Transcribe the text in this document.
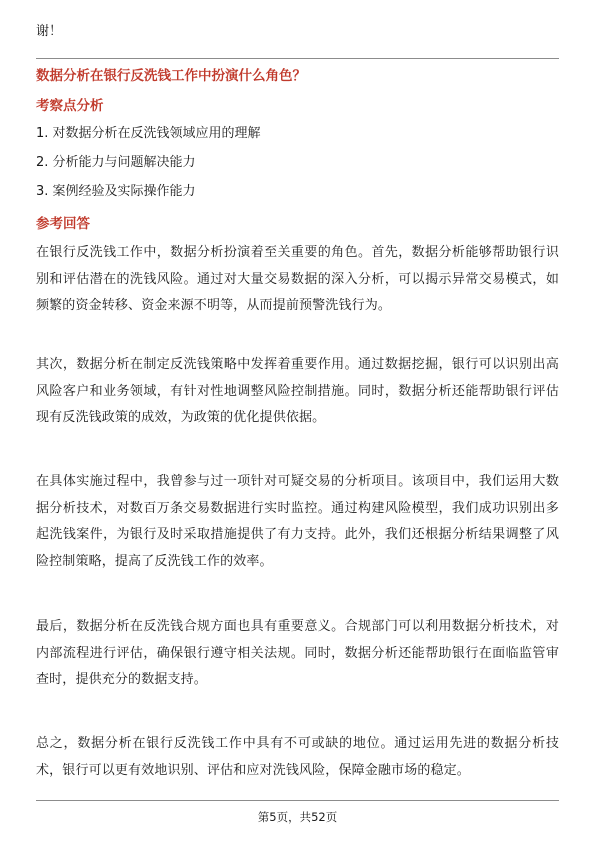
谢！
数据分析在银行反洗钱工作中扮演什么角色？
考察点分析
1. 对数据分析在反洗钱领域应用的理解
2. 分析能力与问题解决能力
3. 案例经验及实际操作能力
参考回答

在银行反洗钱工作中，数据分析扮演着至关重要的角色。首先，数据分析能够帮助银行识别和评估潜在的洗钱风险。通过对大量交易数据的深入分析，可以揭示异常交易模式，如频繁的资金转移、资金来源不明等，从而提前预警洗钱行为。

其次，数据分析在制定反洗钱策略中发挥着重要作用。通过数据挖掘，银行可以识别出高风险客户和业务领域，有针对性地调整风险控制措施。同时，数据分析还能帮助银行评估现有反洗钱政策的成效，为政策的优化提供依据。

在具体实施过程中，我曾参与过一项针对可疑交易的分析项目。该项目中，我们运用大数据分析技术，对数百万条交易数据进行实时监控。通过构建风险模型，我们成功识别出多起洗钱案件，为银行及时采取措施提供了有力支持。此外，我们还根据分析结果调整了风险控制策略，提高了反洗钱工作的效率。

最后，数据分析在反洗钱合规方面也具有重要意义。合规部门可以利用数据分析技术，对内部流程进行评估，确保银行遵守相关法规。同时，数据分析还能帮助银行在面临监管审查时，提供充分的数据支持。

总之，数据分析在银行反洗钱工作中具有不可或缺的地位。通过运用先进的数据分析技术，银行可以更有效地识别、评估和应对洗钱风险，保障金融市场的稳定。

第5页，共52页
